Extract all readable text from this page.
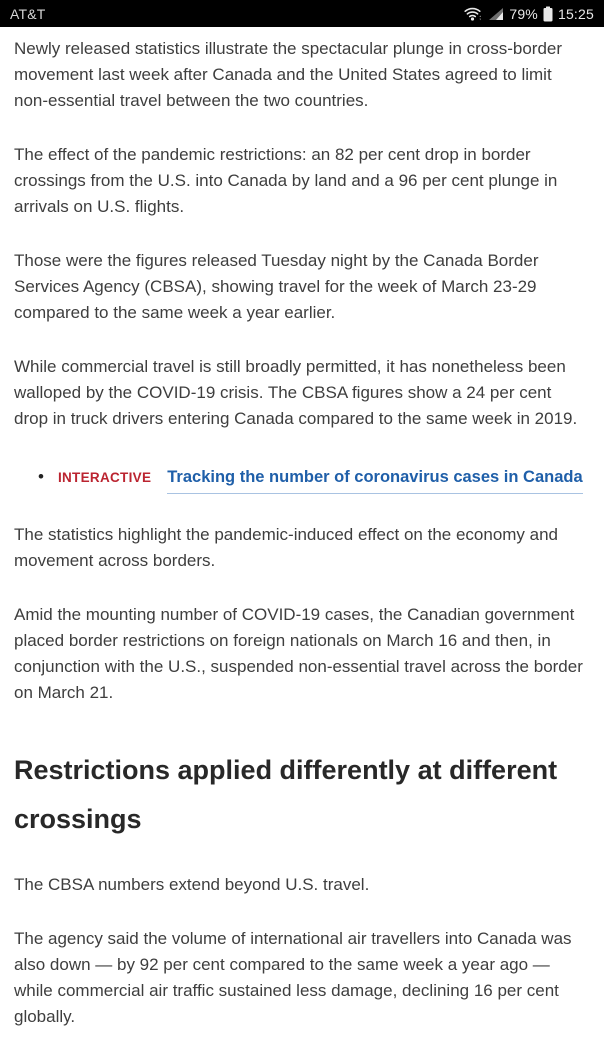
AT&T	79% 15:25

Newly released statistics illustrate the spectacular plunge in cross-border movement last week after Canada and the United States agreed to limit non-essential travel between the two countries.

The effect of the pandemic restrictions: an 82 per cent drop in border crossings from the U.S. into Canada by land and a 96 per cent plunge in arrivals on U.S. flights.

Those were the figures released Tuesday night by the Canada Border Services Agency (CBSA), showing travel for the week of March 23-29 compared to the same week a year earlier.

While commercial travel is still broadly permitted, it has nonetheless been walloped by the COVID-19 crisis. The CBSA figures show a 24 per cent drop in truck drivers entering Canada compared to the same week in 2019.

• INTERACTIVE Tracking the number of coronavirus cases in Canada

The statistics highlight the pandemic-induced effect on the economy and movement across borders.

Amid the mounting number of COVID-19 cases, the Canadian government placed border restrictions on foreign nationals on March 16 and then, in conjunction with the U.S., suspended non-essential travel across the border on March 21.

Restrictions applied differently at different crossings

The CBSA numbers extend beyond U.S. travel.

The agency said the volume of international air travellers into Canada was also down — by 92 per cent compared to the same week a year ago — while commercial air traffic sustained less damage, declining 16 per cent globally.
